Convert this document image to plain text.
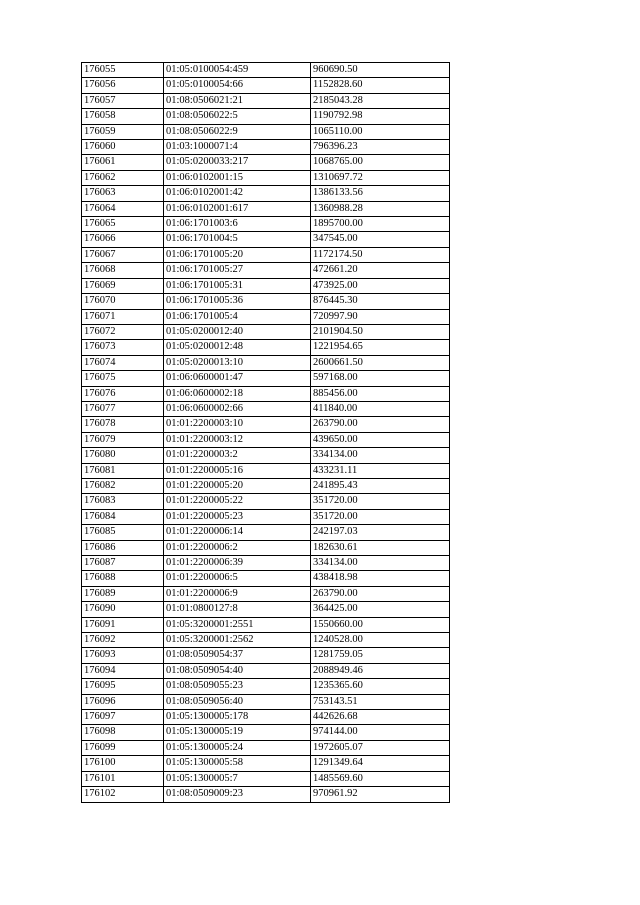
176055	01:05:0100054:459	960690.50
176056	01:05:0100054:66	1152828.60
176057	01:08:0506021:21	2185043.28
176058	01:08:0506022:5	1190792.98
176059	01:08:0506022:9	1065110.00
176060	01:03:1000071:4	796396.23
176061	01:05:0200033:217	1068765.00
176062	01:06:0102001:15	1310697.72
176063	01:06:0102001:42	1386133.56
176064	01:06:0102001:617	1360988.28
176065	01:06:1701003:6	1895700.00
176066	01:06:1701004:5	347545.00
176067	01:06:1701005:20	1172174.50
176068	01:06:1701005:27	472661.20
176069	01:06:1701005:31	473925.00
176070	01:06:1701005:36	876445.30
176071	01:06:1701005:4	720997.90
176072	01:05:0200012:40	2101904.50
176073	01:05:0200012:48	1221954.65
176074	01:05:0200013:10	2600661.50
176075	01:06:0600001:47	597168.00
176076	01:06:0600002:18	885456.00
176077	01:06:0600002:66	411840.00
176078	01:01:2200003:10	263790.00
176079	01:01:2200003:12	439650.00
176080	01:01:2200003:2	334134.00
176081	01:01:2200005:16	433231.11
176082	01:01:2200005:20	241895.43
176083	01:01:2200005:22	351720.00
176084	01:01:2200005:23	351720.00
176085	01:01:2200006:14	242197.03
176086	01:01:2200006:2	182630.61
176087	01:01:2200006:39	334134.00
176088	01:01:2200006:5	438418.98
176089	01:01:2200006:9	263790.00
176090	01:01:0800127:8	364425.00
176091	01:05:3200001:2551	1550660.00
176092	01:05:3200001:2562	1240528.00
176093	01:08:0509054:37	1281759.05
176094	01:08:0509054:40	2088949.46
176095	01:08:0509055:23	1235365.60
176096	01:08:0509056:40	753143.51
176097	01:05:1300005:178	442626.68
176098	01:05:1300005:19	974144.00
176099	01:05:1300005:24	1972605.07
176100	01:05:1300005:58	1291349.64
176101	01:05:1300005:7	1485569.60
176102	01:08:0509009:23	970961.92
